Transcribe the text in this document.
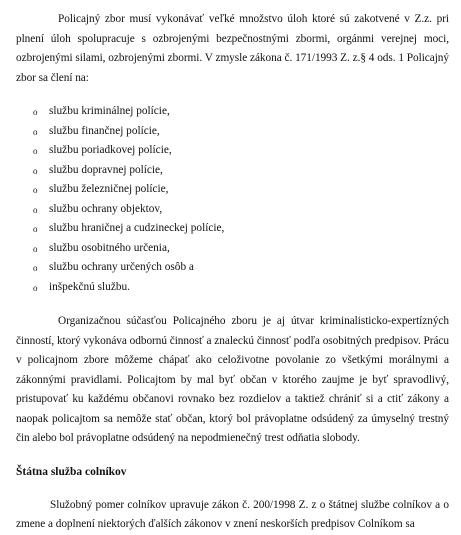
Policajný zbor musí vykonávať veľké množstvo úloh ktoré sú zakotvené v Z.z. pri plnení úloh spolupracuje s ozbrojenými bezpečnostnými zbormi, orgánmi verejnej moci, ozbrojenými silami, ozbrojenými zbormi. V zmysle zákona č. 171/1993 Z. z.§ 4 ods. 1 Policajný zbor sa člení na:

o službu kriminálnej polície,
o službu finančnej polície,
o službu poriadkovej polície,
o službu dopravnej polície,
o službu železničnej polície,
o službu ochrany objektov,
o službu hraničnej a cudzineckej polície,
o službu osobitného určenia,
o službu ochrany určených osôb a
o inšpekčnú službu.

Organizačnou súčasťou Policajného zboru je aj útvar kriminalisticko-expertízných činností, ktorý vykonáva odbornú činnosť a znaleckú činnosť podľa osobitných predpisov. Prácu v policajnom zbore môžeme chápať ako celoživotne povolanie zo všetkými morálnymi a zákonnými pravidlami. Policajtom by mal byť občan v ktorého zaujme je byť spravodlivý, pristupovať ku každému občanovi rovnako bez rozdielov a taktiež chrániť si a ctiť zákony a naopak policajtom sa nemôže stať občan, ktorý bol právoplatne odsúdený za úmyselný trestný čin alebo bol právoplatne odsúdený na nepodmienečný trest odňatia slobody.

Štátna služba colníkov

Služobný pomer colníkov upravuje zákon č. 200/1998 Z. z o štátnej službe colníkov a o zmene a doplnení niektorých ďalších zákonov v znení neskorších predpisov Colníkom sa
